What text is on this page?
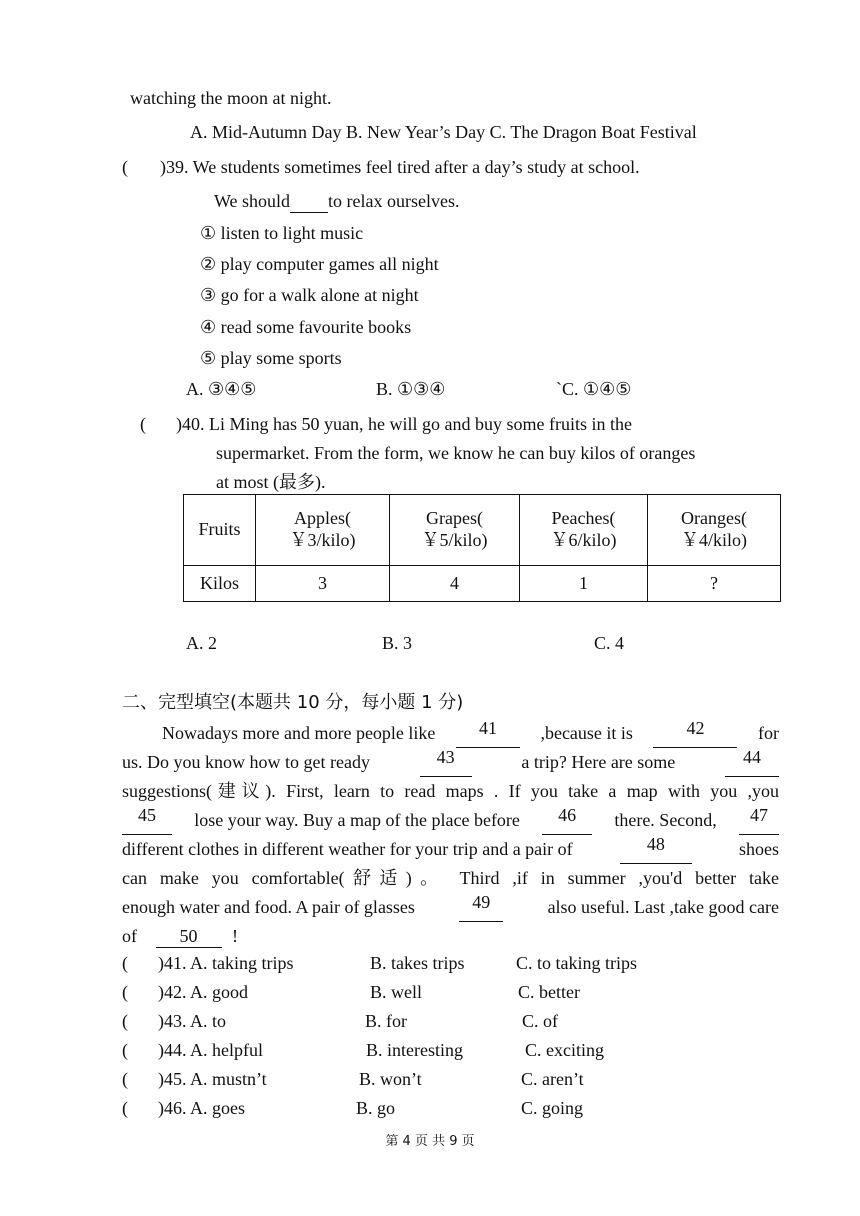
watching the moon at night.
A. Mid-Autumn Day B. New Year’s Day C. The Dragon Boat Festival
( )39. We students sometimes feel tired after a day’s study at school.
We should to relax ourselves.
① listen to light music
② play computer games all night
③ go for a walk alone at night
④ read some favourite books
⑤ play some sports
A. ③④⑤	B. ①③④	`C. ①④⑤
( )40. Li Ming has 50 yuan, he will go and buy some fruits in the
supermarket. From the form, we know he can buy kilos of oranges
at most (最多).
Fruits	Apples( ￥3/kilo)	Grapes( ￥5/kilo)	Peaches( ￥6/kilo)	Oranges( ￥4/kilo)
Kilos	3	4	1	?
A. 2	B. 3	C. 4
二、完型填空(本题共 10 分，每小题 1 分)
Nowadays more and more people like	41	,because it is	42	for
us. Do you know how to get ready	43	a trip? Here are some	44
suggestions(建议). First, learn to read maps . If you take a map with you ,you
45	lose your way. Buy a map of the place before	46	there. Second,	47
different clothes in different weather for your trip and a pair of	48	shoes
can make you comfortable(舒适)。 Third ,if in summer ,you'd better take
enough water and food. A pair of glasses	49	also useful. Last ,take good care
of 50 !
( )41. A. taking trips	B. takes trips	C. to taking trips
( )42. A. good	B. well	C. better
( )43. A. to	B. for	C. of
( )44. A. helpful	B. interesting	C. exciting
( )45. A. mustn’t	B. won’t	C. aren’t
( )46. A. goes	B. go	C. going
第 4 页 共 9 页
